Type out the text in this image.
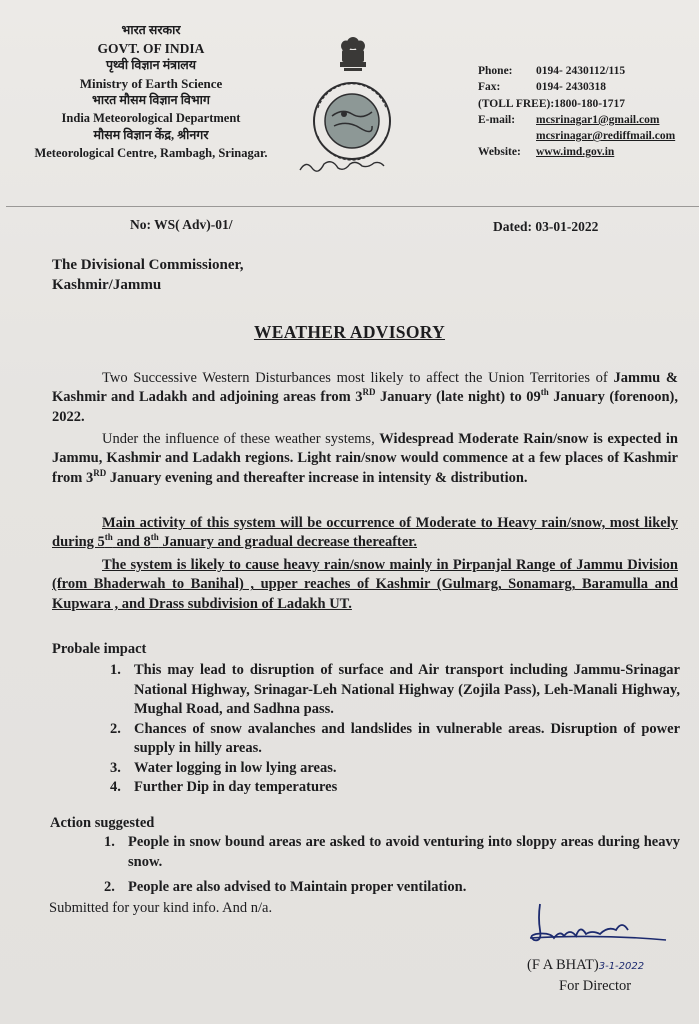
भारत सरकार
GOVT. OF INDIA
पृथ्वी विज्ञान मंत्रालय
Ministry of Earth Science
भारत मौसम विज्ञान विभाग
India Meteorological Department
मौसम विज्ञान केंद्र, श्रीनगर
Meteorological Centre, Rambagh, Srinagar.
Phone: 0194- 2430112/115
Fax:	0194- 2430318
(TOLL FREE):1800-180-1717
E-mail: mcsrinagar1@gmail.com
mcsrinagar@rediffmail.com
Website: www.imd.gov.in
No: WS( Adv)-01/	Dated: 03-01-2022
The Divisional Commissioner,
Kashmir/Jammu
WEATHER ADVISORY

Two Successive Western Disturbances most likely to affect the Union Territories of Jammu & Kashmir and Ladakh and adjoining areas from 3RD January (late night) to 09th January (forenoon), 2022.

Under the influence of these weather systems, Widespread Moderate Rain/snow is expected in Jammu, Kashmir and Ladakh regions. Light rain/snow would commence at a few places of Kashmir from 3RD January evening and thereafter increase in intensity & distribution.

Main activity of this system will be occurrence of Moderate to Heavy rain/snow, most likely during 5th and 8th January and gradual decrease thereafter.

The system is likely to cause heavy rain/snow mainly in Pirpanjal Range of Jammu Division (from Bhaderwah to Banihal) , upper reaches of Kashmir (Gulmarg, Sonamarg, Baramulla and Kupwara , and Drass subdivision of Ladakh UT.

Probale impact
1. This may lead to disruption of surface and Air transport including Jammu-Srinagar National Highway, Srinagar-Leh National Highway (Zojila Pass), Leh-Manali Highway, Mughal Road, and Sadhna pass.
2. Chances of snow avalanches and landslides in vulnerable areas. Disruption of power supply in hilly areas.
3. Water logging in low lying areas.
4. Further Dip in day temperatures
Action suggested
1. People in snow bound areas are asked to avoid venturing into sloppy areas during heavy snow.
2. People are also advised to Maintain proper ventilation.
Submitted for your kind info. And n/a.
(F A BHAT)3-1-2022
For Director
